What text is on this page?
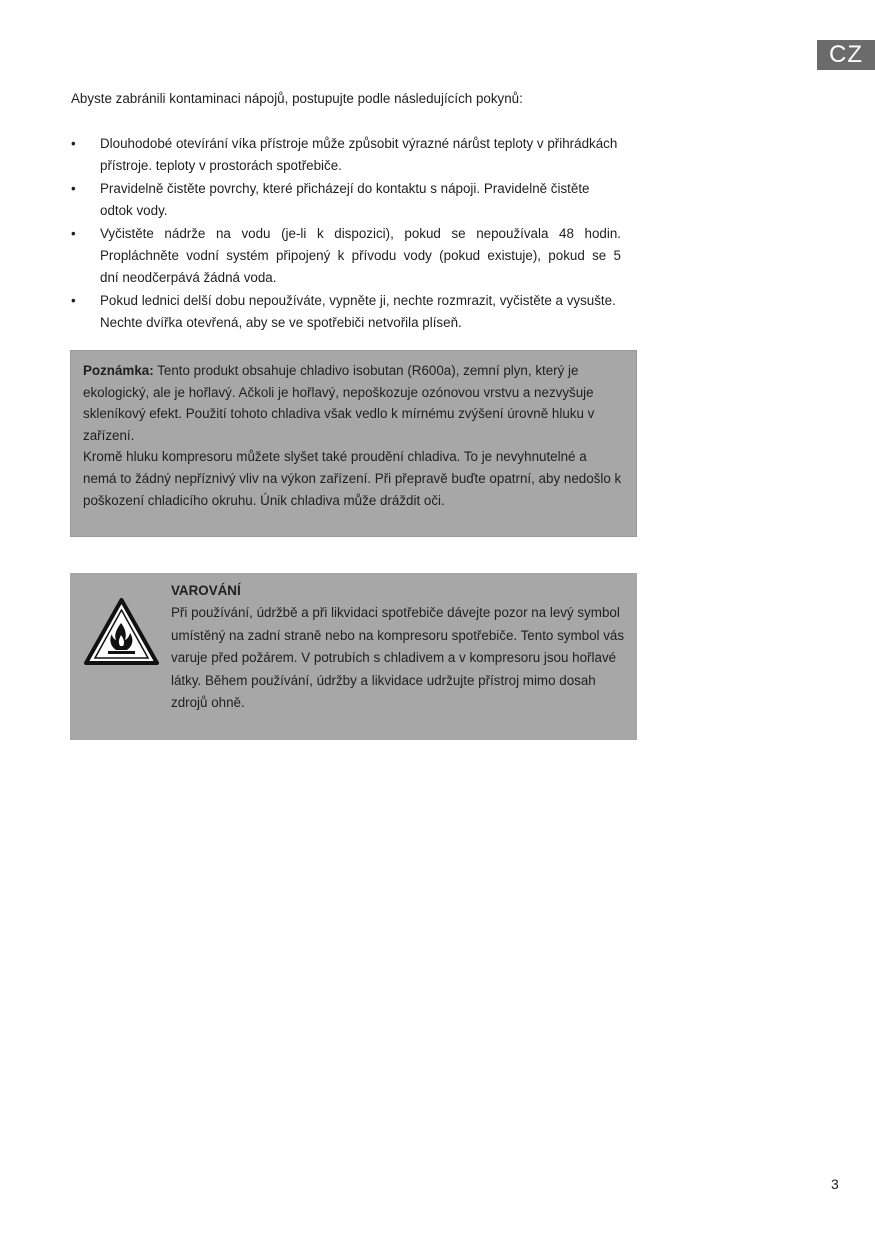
CZ
Abyste zabránili kontaminaci nápojů, postupujte podle následujících pokynů:
• Dlouhodobé otevírání víka přístroje může způsobit výrazné nárůst teploty v přihrádkách
přístroje. teploty v prostorách spotřebiče.
• Pravidelně čistěte povrchy, které přicházejí do kontaktu s nápoji. Pravidelně čistěte
odtok vody.
• Vyčistěte nádrže na vodu (je-li k dispozici), pokud se nepoužívala 48 hodin.
Propláchněte vodní systém připojený k přívodu vody (pokud existuje), pokud se 5
dní neodčerpává žádná voda.
• Pokud lednici delší dobu nepoužíváte, vypněte ji, nechte rozmrazit, vyčistěte a vysušte.
Nechte dvířka otevřená, aby se ve spotřebiči netvořila plíseň.
Poznámka: Tento produkt obsahuje chladivo isobutan (R600a), zemní plyn, který je
ekologický, ale je hořlavý. Ačkoli je hořlavý, nepoškozuje ozónovou vrstvu a nezvyšuje
skleníkový efekt. Použití tohoto chladiva však vedlo k mírnému zvýšení úrovně hluku v
zařízení.
Kromě hluku kompresoru můžete slyšet také proudění chladiva. To je nevyhnutelné a
nemá to žádný nepříznivý vliv na výkon zařízení. Při přepravě buďte opatrní, aby nedošlo k
poškození chladicího okruhu. Únik chladiva může dráždit oči.
VAROVÁNÍ
Při používání, údržbě a při likvidaci spotřebiče dávejte pozor na levý symbol
umístěný na zadní straně nebo na kompresoru spotřebiče. Tento symbol vás
varuje před požárem. V potrubích s chladivem a v kompresoru jsou hořlavé
látky. Během používání, údržby a likvidace udržujte přístroj mimo dosah
zdrojů ohně.
3
